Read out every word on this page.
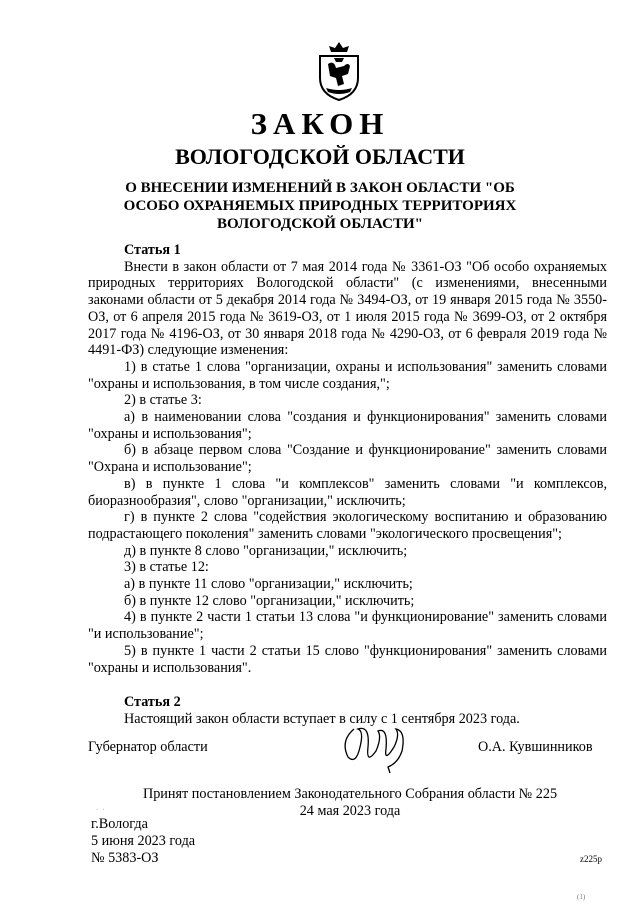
ЗАКОН
ВОЛОГОДСКОЙ ОБЛАСТИ
О ВНЕСЕНИИ ИЗМЕНЕНИЙ В ЗАКОН ОБЛАСТИ "ОБ ОСОБО ОХРАНЯЕМЫХ ПРИРОДНЫХ ТЕРРИТОРИЯХ ВОЛОГОДСКОЙ ОБЛАСТИ"

Статья 1

Внести в закон области от 7 мая 2014 года № 3361-ОЗ "Об особо охраняемых природных территориях Вологодской области" (с изменениями, внесенными законами области от 5 декабря 2014 года № 3494-ОЗ, от 19 января 2015 года № 3550-ОЗ, от 6 апреля 2015 года № 3619-ОЗ, от 1 июля 2015 года № 3699-ОЗ, от 2 октября 2017 года № 4196-ОЗ, от 30 января 2018 года № 4290-ОЗ, от 6 февраля 2019 года № 4491-ФЗ) следующие изменения:

1) в статье 1 слова "организации, охраны и использования" заменить словами "охраны и использования, в том числе создания,";

2) в статье 3:

а) в наименовании слова "создания и функционирования" заменить словами "охраны и использования";

б) в абзаце первом слова "Создание и функционирование" заменить словами "Охрана и использование";

в) в пункте 1 слова "и комплексов" заменить словами "и комплексов, биоразнообразия", слово "организации," исключить;

г) в пункте 2 слова "содействия экологическому воспитанию и образованию подрастающего поколения" заменить словами "экологического просвещения";

д) в пункте 8 слово "организации," исключить;

3) в статье 12:

а) в пункте 11 слово "организации," исключить;

б) в пункте 12 слово "организации," исключить;

4) в пункте 2 части 1 статьи 13 слова "и функционирование" заменить словами "и использование";

5) в пункте 1 части 2 статьи 15 слово "функционирования" заменить словами "охраны и использования".

Статья 2

Настоящий закон области вступает в силу с 1 сентября 2023 года.

Губернатор области	О.А. Кувшинников
Принят постановлением Законодательного Собрания области № 225
24 мая 2023 года
·   ·
г.Вологда
5 июня 2023 года
№ 5383-ОЗ	z225р
(1)
